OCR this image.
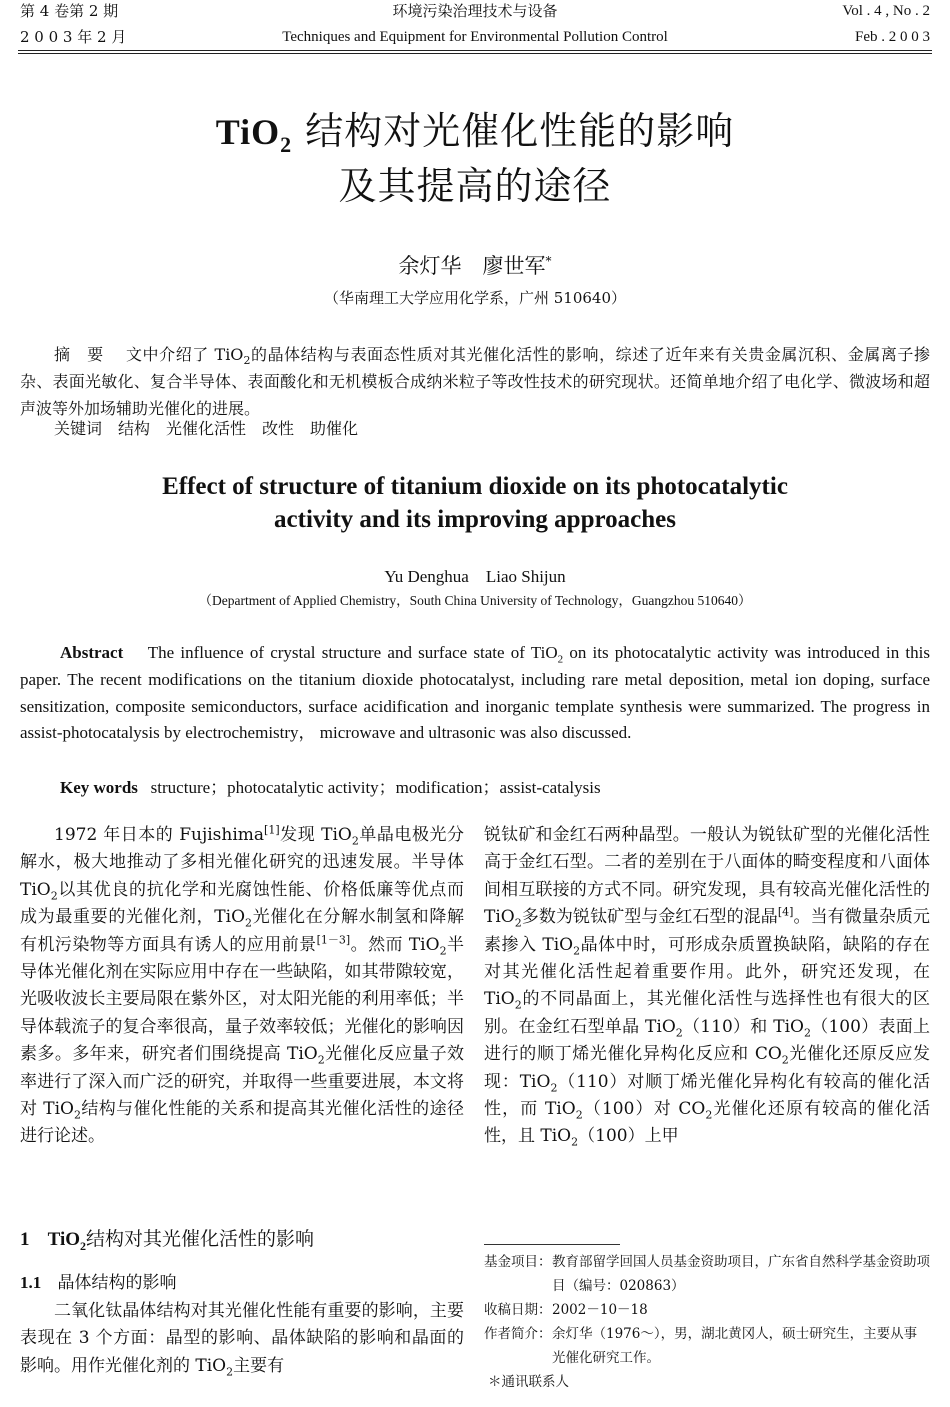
第 4 卷第 2 期
2 0 0 3 年 2 月
环境污染治理技术与设备
Techniques and Equipment for Environmental Pollution Control
Vol . 4 , No . 2
Feb . 2 0 0 3
TiO$_2$ 结构对光催化性能的影响
及其提高的途径
余灯华　廖世军*
（华南理工大学应用化学系，广州 510640）
摘　要　 文中介绍了 TiO$_2$的晶体结构与表面态性质对其光催化活性的影响，综述了近年来有关贵金属沉积、金属离子掺杂、表面光敏化、复合半导体、表面酸化和无机模板合成纳米粒子等改性技术的研究现状。还简单地介绍了电化学、微波场和超声波等外加场辅助光催化的进展。
关键词　 结构　光催化活性　改性　助催化
Effect of structure of titanium dioxide on its photocatalytic
activity and its improving approaches
Yu Denghua　Liao Shijun
（Department of Applied Chemistry，South China University of Technology，Guangzhou 510640）
Abstract The influence of crystal structure and surface state of TiO$_2$ on its photocatalytic activity was introduced in this paper. The recent modifications on the titanium dioxide photocatalyst, including rare metal deposition, metal ion doping, surface sensitization, composite semiconductors, surface acidification and inorganic template synthesis were summarized. The progress in assist-photocatalysis by electrochemistry， microwave and ultrasonic was also discussed.
Key words structure；photocatalytic activity；modification；assist-catalysis

1972 年日本的 Fujishima[1]发现 TiO$_2$单晶电极光分解水，极大地推动了多相光催化研究的迅速发展。半导体 TiO$_2$以其优良的抗化学和光腐蚀性能、价格低廉等优点而成为最重要的光催化剂，TiO$_2$光催化在分解水制氢和降解有机污染物等方面具有诱人的应用前景[1－3]。然而 TiO$_2$半导体光催化剂在实际应用中存在一些缺陷，如其带隙较宽，光吸收波长主要局限在紫外区，对太阳光能的利用率低；半导体载流子的复合率很高，量子效率较低；光催化的影响因素多。多年来，研究者们围绕提高 TiO$_2$光催化反应量子效率进行了深入而广泛的研究，并取得一些重要进展，本文将对 TiO$_2$结构与催化性能的关系和提高其光催化活性的途径进行论述。

1 TiO$_2$结构对其光催化活性的影响
1.1 晶体结构的影响

二氧化钛晶体结构对其光催化性能有重要的影响，主要表现在 3 个方面：晶型的影响、晶体缺陷的影响和晶面的影响。用作光催化剂的 TiO$_2$主要有

锐钛矿和金红石两种晶型。一般认为锐钛矿型的光催化活性高于金红石型。二者的差别在于八面体的畸变程度和八面体间相互联接的方式不同。研究发现，具有较高光催化活性的 TiO$_2$多数为锐钛矿型与金红石型的混晶[4]。当有微量杂质元素掺入 TiO$_2$晶体中时，可形成杂质置换缺陷，缺陷的存在对其光催化活性起着重要作用。此外，研究还发现，在 TiO$_2$的不同晶面上，其光催化活性与选择性也有很大的区别。在金红石型单晶 TiO$_2$（110）和 TiO$_2$（100）表面上进行的顺丁烯光催化异构化反应和 $CO_2$光催化还原反应发现：TiO$_2$（110）对顺丁烯光催化异构化有较高的催化活性，而 TiO$_2$（100）对 $CO_2$光催化还原有较高的催化活性，且 TiO$_2$（100）上甲

基金项目： 教育部留学回国人员基金资助项目，广东省自然科学基金资助项目（编号：020863）
收稿日期： 2002－10－18
作者简介： 余灯华（1976～），男，湖北黄冈人，硕士研究生，主要从事光催化研究工作。
＊通讯联系人
